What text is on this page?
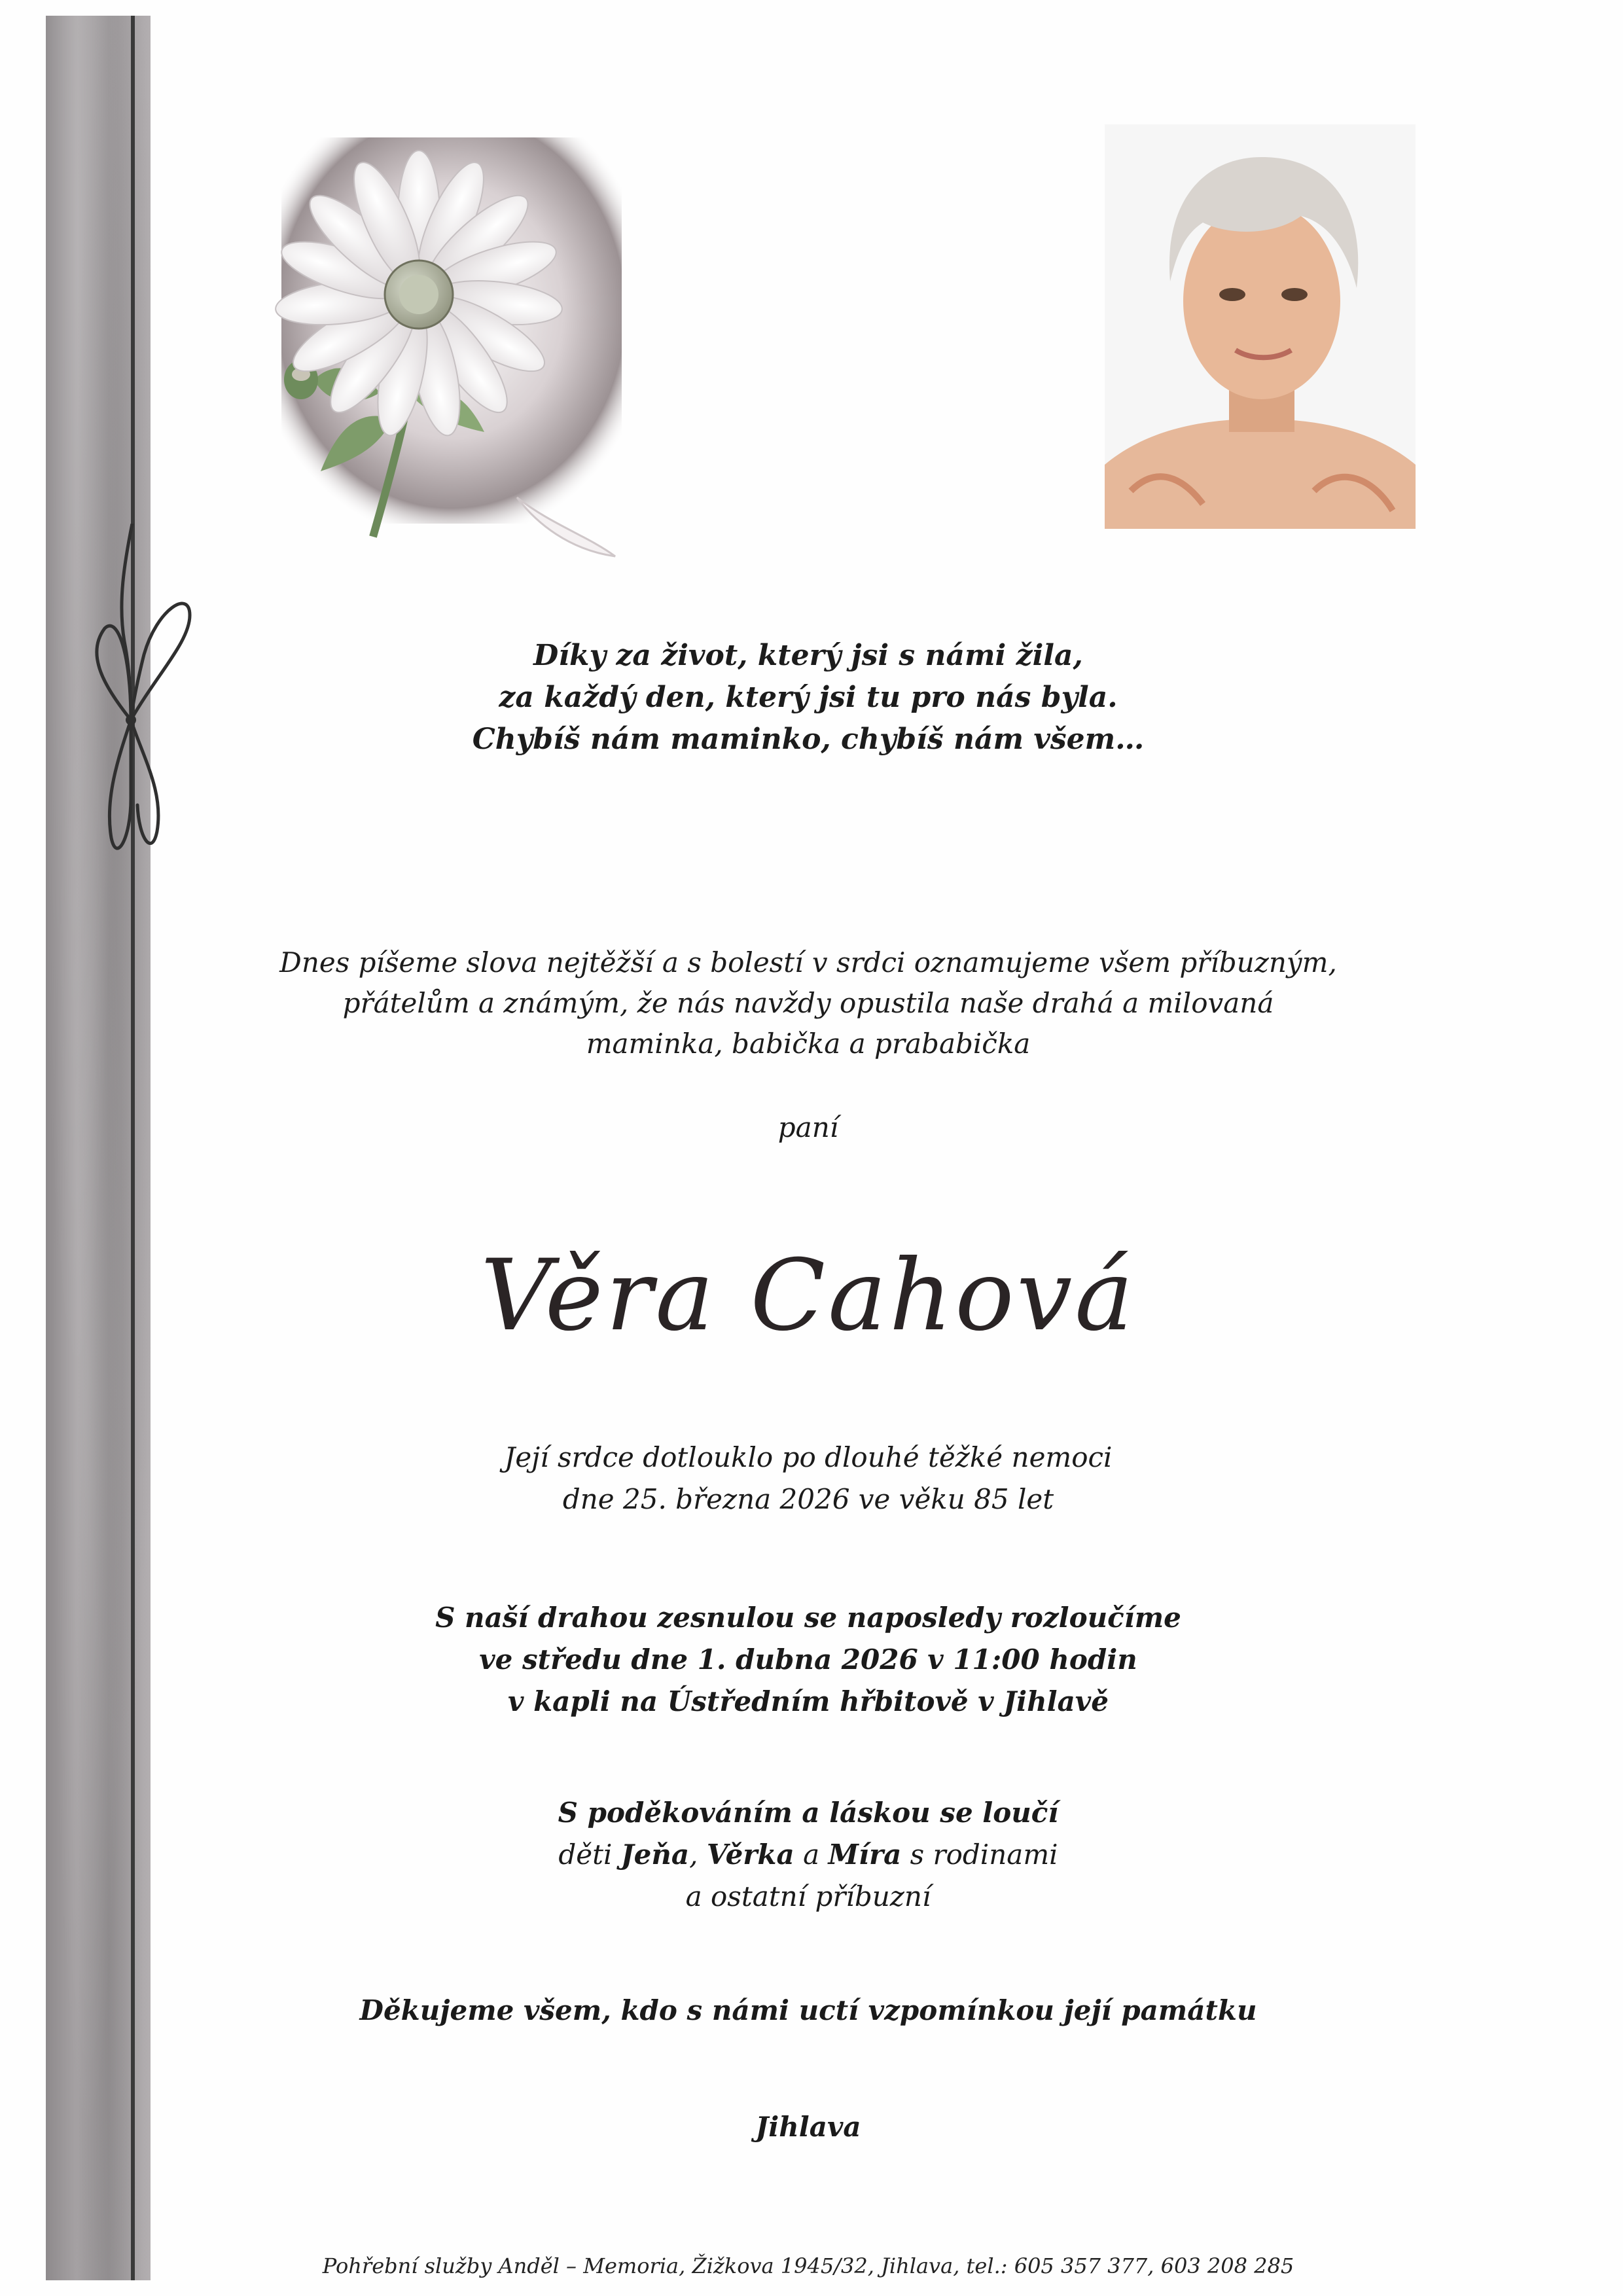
Díky za život, který jsi s námi žila,
za každý den, který jsi tu pro nás byla.
Chybíš nám maminko, chybíš nám všem…
Dnes píšeme slova nejtěžší a s bolestí v srdci oznamujeme všem příbuzným,
přátelům a známým, že nás navždy opustila naše drahá a milovaná
maminka, babička a prababička
paní
Věra Cahová
Její srdce dotlouklo po dlouhé těžké nemoci
dne 25. března 2026 ve věku 85 let
S naší drahou zesnulou se naposledy rozloučíme
ve středu dne 1. dubna 2026 v 11:00 hodin
v kapli na Ústředním hřbitově v Jihlavě
S poděkováním a láskou se loučí
děti Jeňa, Věrka a Míra s rodinami
a ostatní příbuzní
Děkujeme všem, kdo s námi uctí vzpomínkou její památku
Jihlava
Pohřební služby Anděl – Memoria, Žižkova 1945/32, Jihlava, tel.: 605 357 377, 603 208 285
